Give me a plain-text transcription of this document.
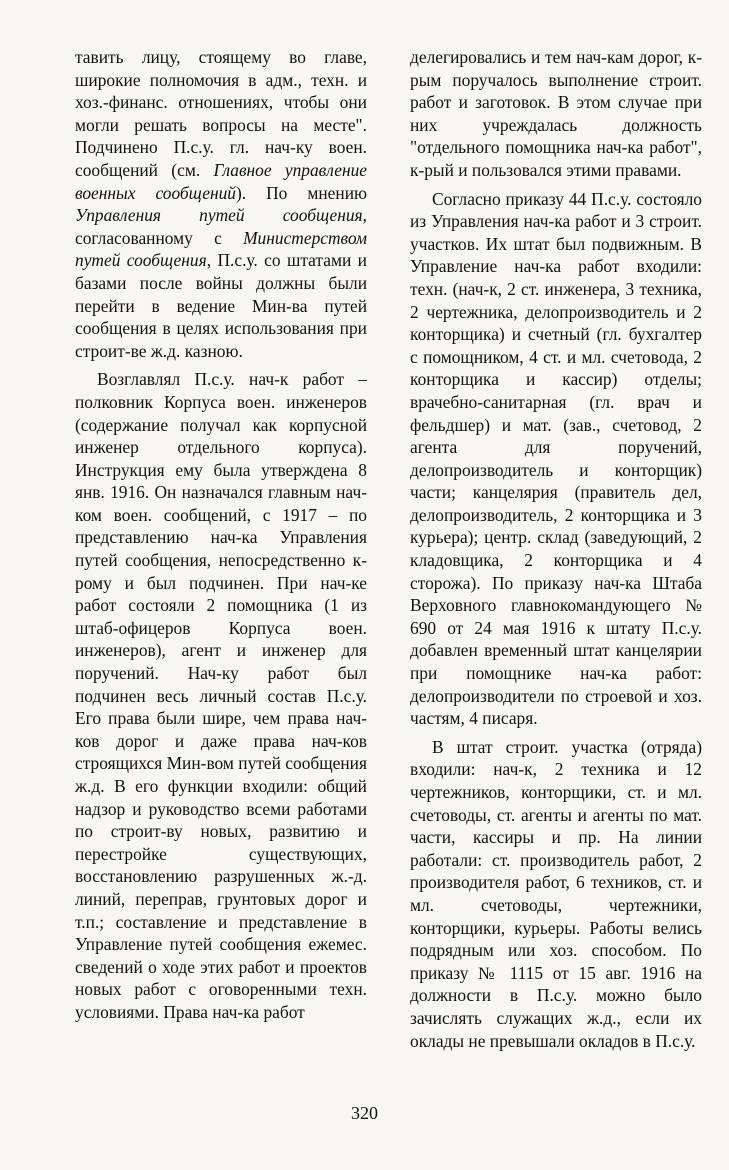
тавить лицу, стоящему во главе, широкие полномочия в адм., техн. и хоз.-финанс. отношениях, чтобы они могли решать вопросы на месте". Подчинено П.с.у. гл. нач-ку воен. сообщений (см. Главное управление военных сообщений). По мнению Управления путей сообщения, согласованному с Министерством путей сообщения, П.с.у. со штатами и базами после войны должны были перейти в ведение Мин-ва путей сообщения в целях использования при строит-ве ж.д. казною.

Возглавлял П.с.у. нач-к работ – полковник Корпуса воен. инженеров (содержание получал как корпусной инженер отдельного корпуса). Инструкция ему была утверждена 8 янв. 1916. Он назначался главным нач-ком воен. сообщений, с 1917 – по представлению нач-ка Управления путей сообщения, непосредственно к-рому и был подчинен. При нач-ке работ состояли 2 помощника (1 из штаб-офицеров Корпуса воен. инженеров), агент и инженер для поручений. Нач-ку работ был подчинен весь личный состав П.с.у. Его права были шире, чем права нач-ков дорог и даже права нач-ков строящихся Мин-вом путей сообщения ж.д. В его функции входили: общий надзор и руководство всеми работами по строит-ву новых, развитию и перестройке существующих, восстановлению разрушенных ж.-д. линий, переправ, грунтовых дорог и т.п.; составление и представление в Управление путей сообщения ежемес. сведений о ходе этих работ и проектов новых работ с оговоренными техн. условиями. Права нач-ка работ

делегировались и тем нач-кам дорог, к-рым поручалось выполнение строит. работ и заготовок. В этом случае при них учреждалась должность "отдельного помощника нач-ка работ", к-рый и пользовался этими правами.

Согласно приказу 44 П.с.у. состояло из Управления нач-ка работ и 3 строит. участков. Их штат был подвижным. В Управление нач-ка работ входили: техн. (нач-к, 2 ст. инженера, 3 техника, 2 чертежника, делопроизводитель и 2 конторщика) и счетный (гл. бухгалтер с помощником, 4 ст. и мл. счетовода, 2 конторщика и кассир) отделы; врачебно-санитарная (гл. врач и фельдшер) и мат. (зав., счетовод, 2 агента для поручений, делопроизводитель и конторщик) части; канцелярия (правитель дел, делопроизводитель, 2 конторщика и 3 курьера); центр. склад (заведующий, 2 кладовщика, 2 конторщика и 4 сторожа). По приказу нач-ка Штаба Верховного главнокомандующего № 690 от 24 мая 1916 к штату П.с.у. добавлен временный штат канцелярии при помощнике нач-ка работ: делопроизводители по строевой и хоз. частям, 4 писаря.

В штат строит. участка (отряда) входили: нач-к, 2 техника и 12 чертежников, конторщики, ст. и мл. счетоводы, ст. агенты и агенты по мат. части, кассиры и пр. На линии работали: ст. производитель работ, 2 производителя работ, 6 техников, ст. и мл. счетоводы, чертежники, конторщики, курьеры. Работы велись подрядным или хоз. способом. По приказу № 1115 от 15 авг. 1916 на должности в П.с.у. можно было зачислять служащих ж.д., если их оклады не превышали окладов в П.с.у.

320
